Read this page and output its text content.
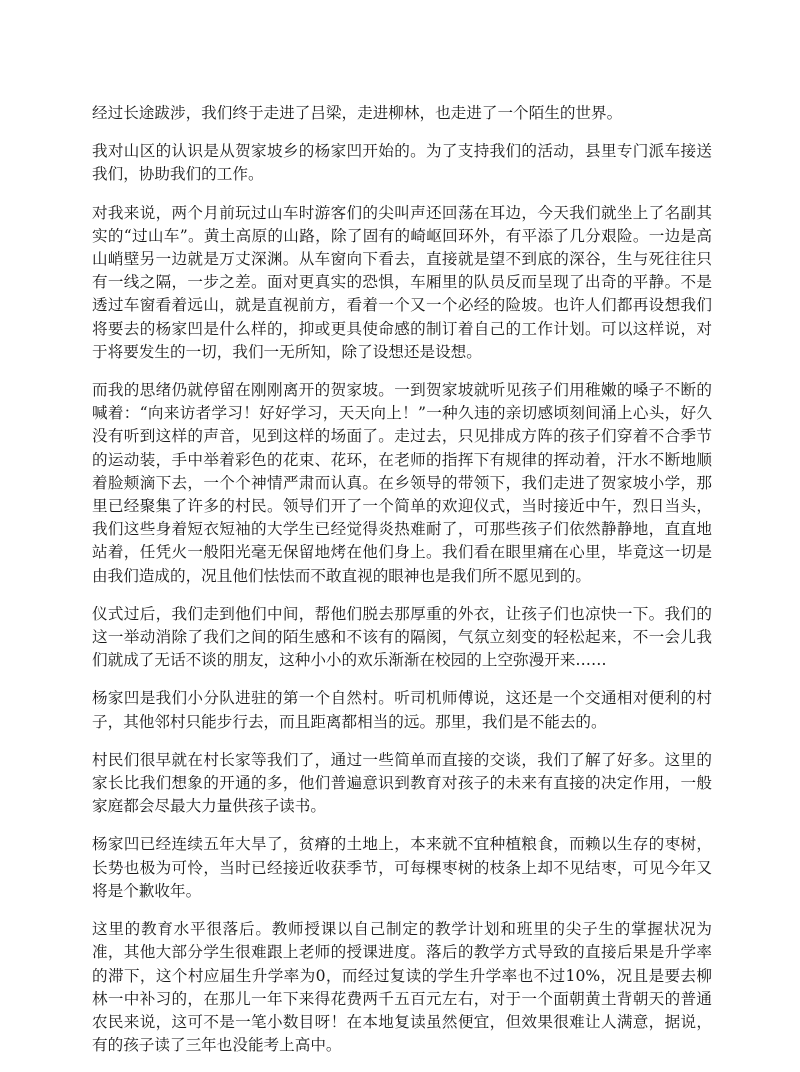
经过长途跋涉，我们终于走进了吕梁，走进柳林，也走进了一个陌生的世界。

我对山区的认识是从贺家坡乡的杨家凹开始的。为了支持我们的活动，县里专门派车接送我们，协助我们的工作。

对我来说，两个月前玩过山车时游客们的尖叫声还回荡在耳边，今天我们就坐上了名副其实的“过山车”。黄土高原的山路，除了固有的崎岖回环外，有平添了几分艰险。一边是高山峭壁另一边就是万丈深渊。从车窗向下看去，直接就是望不到底的深谷，生与死往往只有一线之隔，一步之差。面对更真实的恐惧，车厢里的队员反而呈现了出奇的平静。不是透过车窗看着远山，就是直视前方，看着一个又一个必经的险坡。也许人们都再设想我们将要去的杨家凹是什么样的，抑或更具使命感的制订着自己的工作计划。可以这样说，对于将要发生的一切，我们一无所知，除了设想还是设想。

而我的思绪仍就停留在刚刚离开的贺家坡。一到贺家坡就听见孩子们用稚嫩的嗓子不断的喊着：“向来访者学习！好好学习，天天向上！”一种久违的亲切感顷刻间涌上心头，好久没有听到这样的声音，见到这样的场面了。走过去，只见排成方阵的孩子们穿着不合季节的运动装，手中举着彩色的花束、花环，在老师的指挥下有规律的挥动着，汗水不断地顺着脸颊滴下去，一个个神情严肃而认真。在乡领导的带领下，我们走进了贺家坡小学，那里已经聚集了许多的村民。领导们开了一个简单的欢迎仪式，当时接近中午，烈日当头，我们这些身着短衣短袖的大学生已经觉得炎热难耐了，可那些孩子们依然静静地，直直地站着，任凭火一般阳光毫无保留地烤在他们身上。我们看在眼里痛在心里，毕竟这一切是由我们造成的，况且他们怯怯而不敢直视的眼神也是我们所不愿见到的。

仪式过后，我们走到他们中间，帮他们脱去那厚重的外衣，让孩子们也凉快一下。我们的这一举动消除了我们之间的陌生感和不该有的隔阂，气氛立刻变的轻松起来，不一会儿我们就成了无话不谈的朋友，这种小小的欢乐渐渐在校园的上空弥漫开来……

杨家凹是我们小分队进驻的第一个自然村。听司机师傅说，这还是一个交通相对便利的村子，其他邻村只能步行去，而且距离都相当的远。那里，我们是不能去的。

村民们很早就在村长家等我们了，通过一些简单而直接的交谈，我们了解了好多。这里的家长比我们想象的开通的多，他们普遍意识到教育对孩子的未来有直接的决定作用，一般家庭都会尽最大力量供孩子读书。

杨家凹已经连续五年大旱了，贫瘠的土地上，本来就不宜种植粮食，而赖以生存的枣树，长势也极为可怜，当时已经接近收获季节，可每棵枣树的枝条上却不见结枣，可见今年又将是个歉收年。

这里的教育水平很落后。教师授课以自己制定的教学计划和班里的尖子生的掌握状况为准，其他大部分学生很难跟上老师的授课进度。落后的教学方式导致的直接后果是升学率的滞下，这个村应届生升学率为0，而经过复读的学生升学率也不过10%，况且是要去柳林一中补习的，在那儿一年下来得花费两千五百元左右，对于一个面朝黄土背朝天的普通农民来说，这可不是一笔小数目呀！在本地复读虽然便宜，但效果很难让人满意，据说，有的孩子读了三年也没能考上高中。
